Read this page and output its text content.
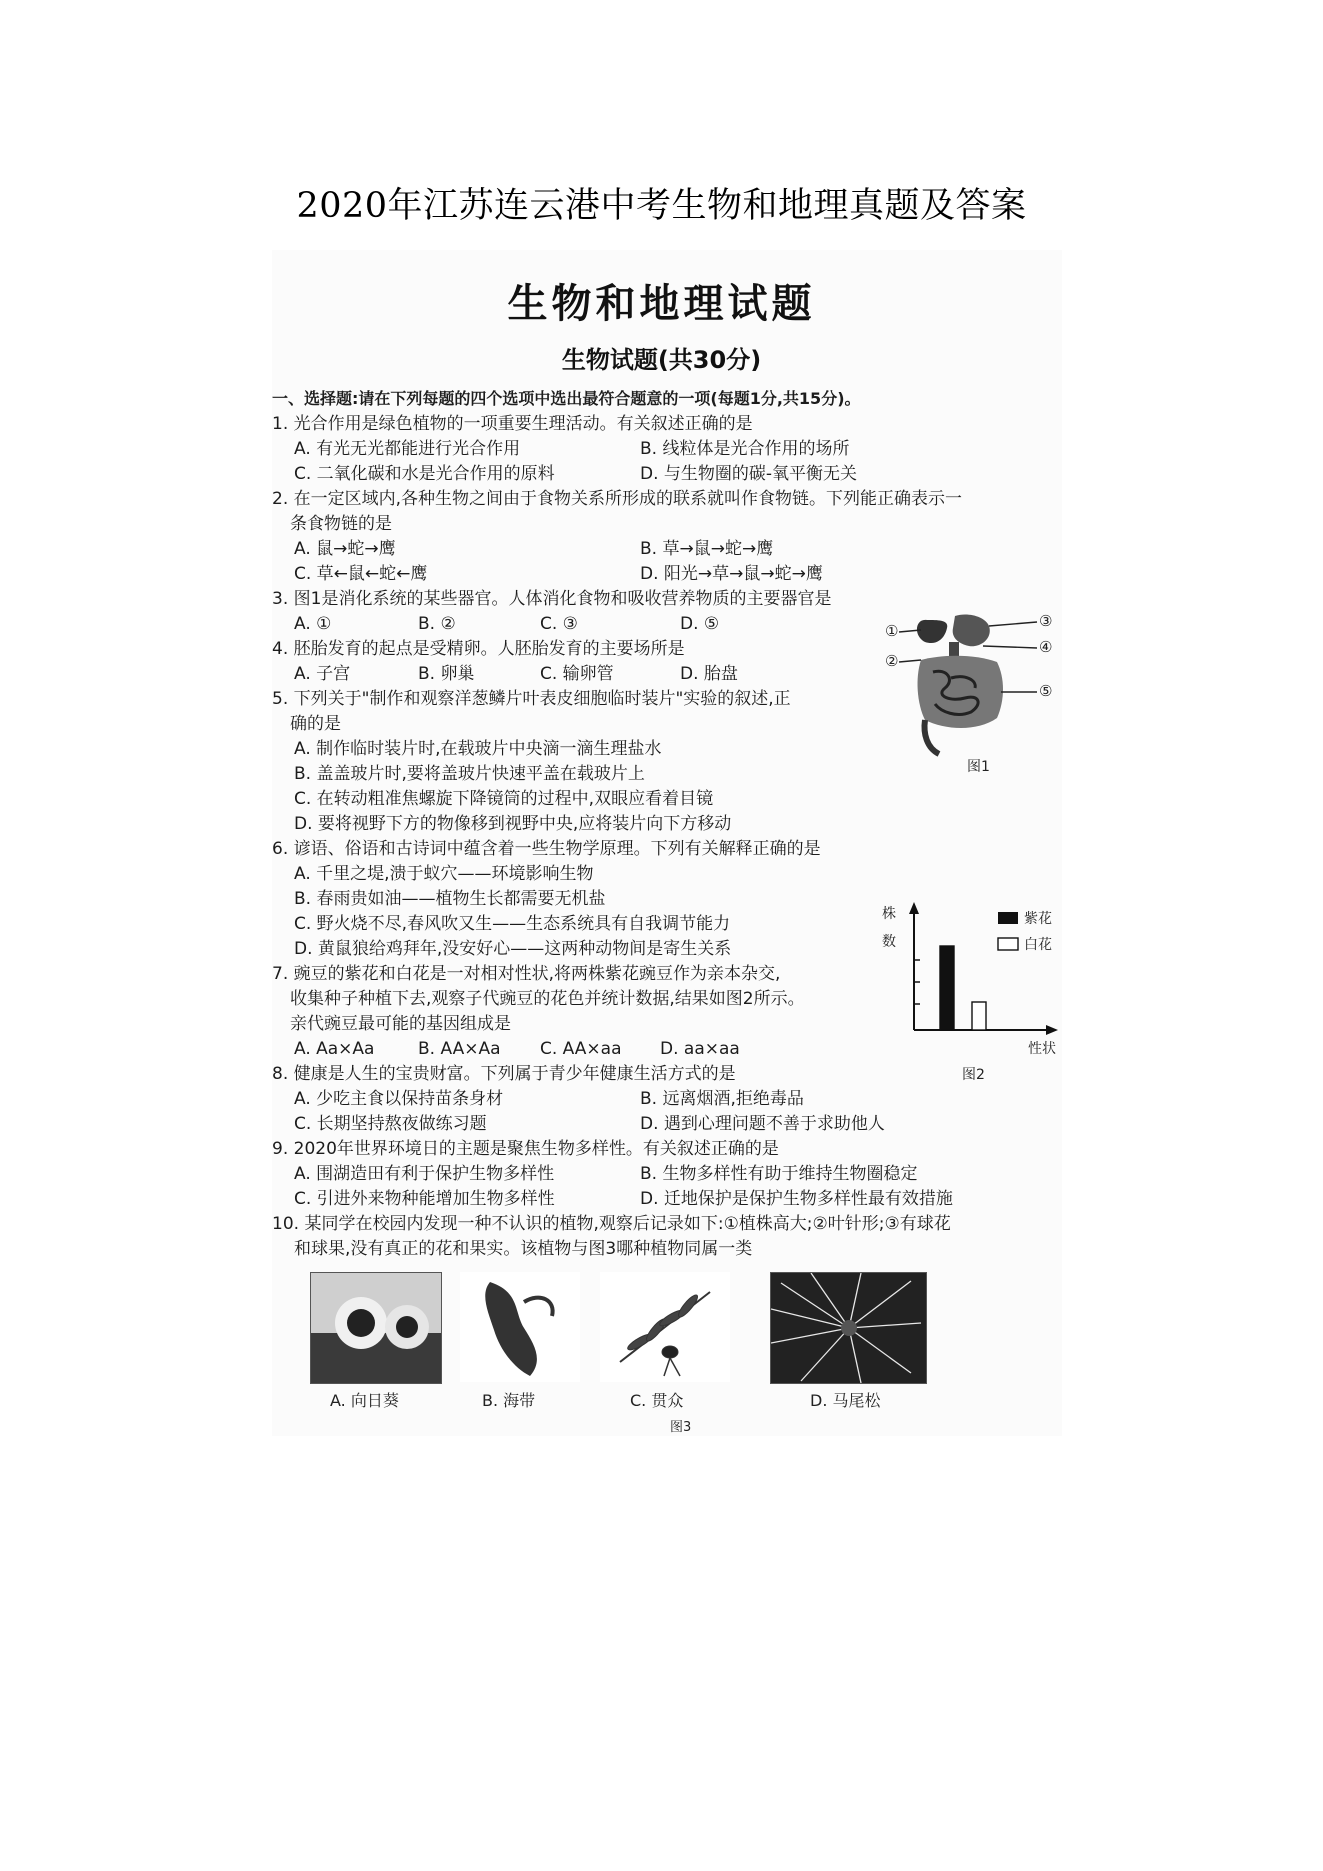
2020年江苏连云港中考生物和地理真题及答案
生物和地理试题
生物试题(共30分)
一、选择题:请在下列每题的四个选项中选出最符合题意的一项(每题1分,共15分)。
1. 光合作用是绿色植物的一项重要生理活动。有关叙述正确的是
A. 有光无光都能进行光合作用	B. 线粒体是光合作用的场所
C. 二氧化碳和水是光合作用的原料	D. 与生物圈的碳-氧平衡无关
2. 在一定区域内,各种生物之间由于食物关系所形成的联系就叫作食物链。下列能正确表示一
条食物链的是
A. 鼠→蛇→鹰	B. 草→鼠→蛇→鹰
C. 草←鼠←蛇←鹰	D. 阳光→草→鼠→蛇→鹰
3. 图1是消化系统的某些器官。人体消化食物和吸收营养物质的主要器官是
A. ①	B. ②	C. ③	D. ⑤
4. 胚胎发育的起点是受精卵。人胚胎发育的主要场所是
A. 子宫	B. 卵巢	C. 输卵管	D. 胎盘
5. 下列关于"制作和观察洋葱鳞片叶表皮细胞临时装片"实验的叙述,正
确的是
A. 制作临时装片时,在载玻片中央滴一滴生理盐水
B. 盖盖玻片时,要将盖玻片快速平盖在载玻片上
C. 在转动粗准焦螺旋下降镜筒的过程中,双眼应看着目镜
D. 要将视野下方的物像移到视野中央,应将装片向下方移动
6. 谚语、俗语和古诗词中蕴含着一些生物学原理。下列有关解释正确的是
A. 千里之堤,溃于蚁穴——环境影响生物
B. 春雨贵如油——植物生长都需要无机盐
C. 野火烧不尽,春风吹又生——生态系统具有自我调节能力
D. 黄鼠狼给鸡拜年,没安好心——这两种动物间是寄生关系
7. 豌豆的紫花和白花是一对相对性状,将两株紫花豌豆作为亲本杂交,
收集种子种植下去,观察子代豌豆的花色并统计数据,结果如图2所示。
亲代豌豆最可能的基因组成是
A. Aa×Aa	B. AA×Aa C. AA×aa D. aa×aa
8. 健康是人生的宝贵财富。下列属于青少年健康生活方式的是
A. 少吃主食以保持苗条身材	B. 远离烟酒,拒绝毒品
C. 长期坚持熬夜做练习题	D. 遇到心理问题不善于求助他人
9. 2020年世界环境日的主题是聚焦生物多样性。有关叙述正确的是
A. 围湖造田有利于保护生物多样性	B. 生物多样性有助于维持生物圈稳定
C. 引进外来物种能增加生物多样性	D. 迁地保护是保护生物多样性最有效措施
10. 某同学在校园内发现一种不认识的植物,观察后记录如下:①植株高大;②叶针形;③有球花
和球果,没有真正的花和果实。该植物与图3哪种植物同属一类
①
②
③
④
⑤
图1
株数
紫花
白花
性状
图2
A. 向日葵	B. 海带	C. 贯众	D. 马尾松
图3
